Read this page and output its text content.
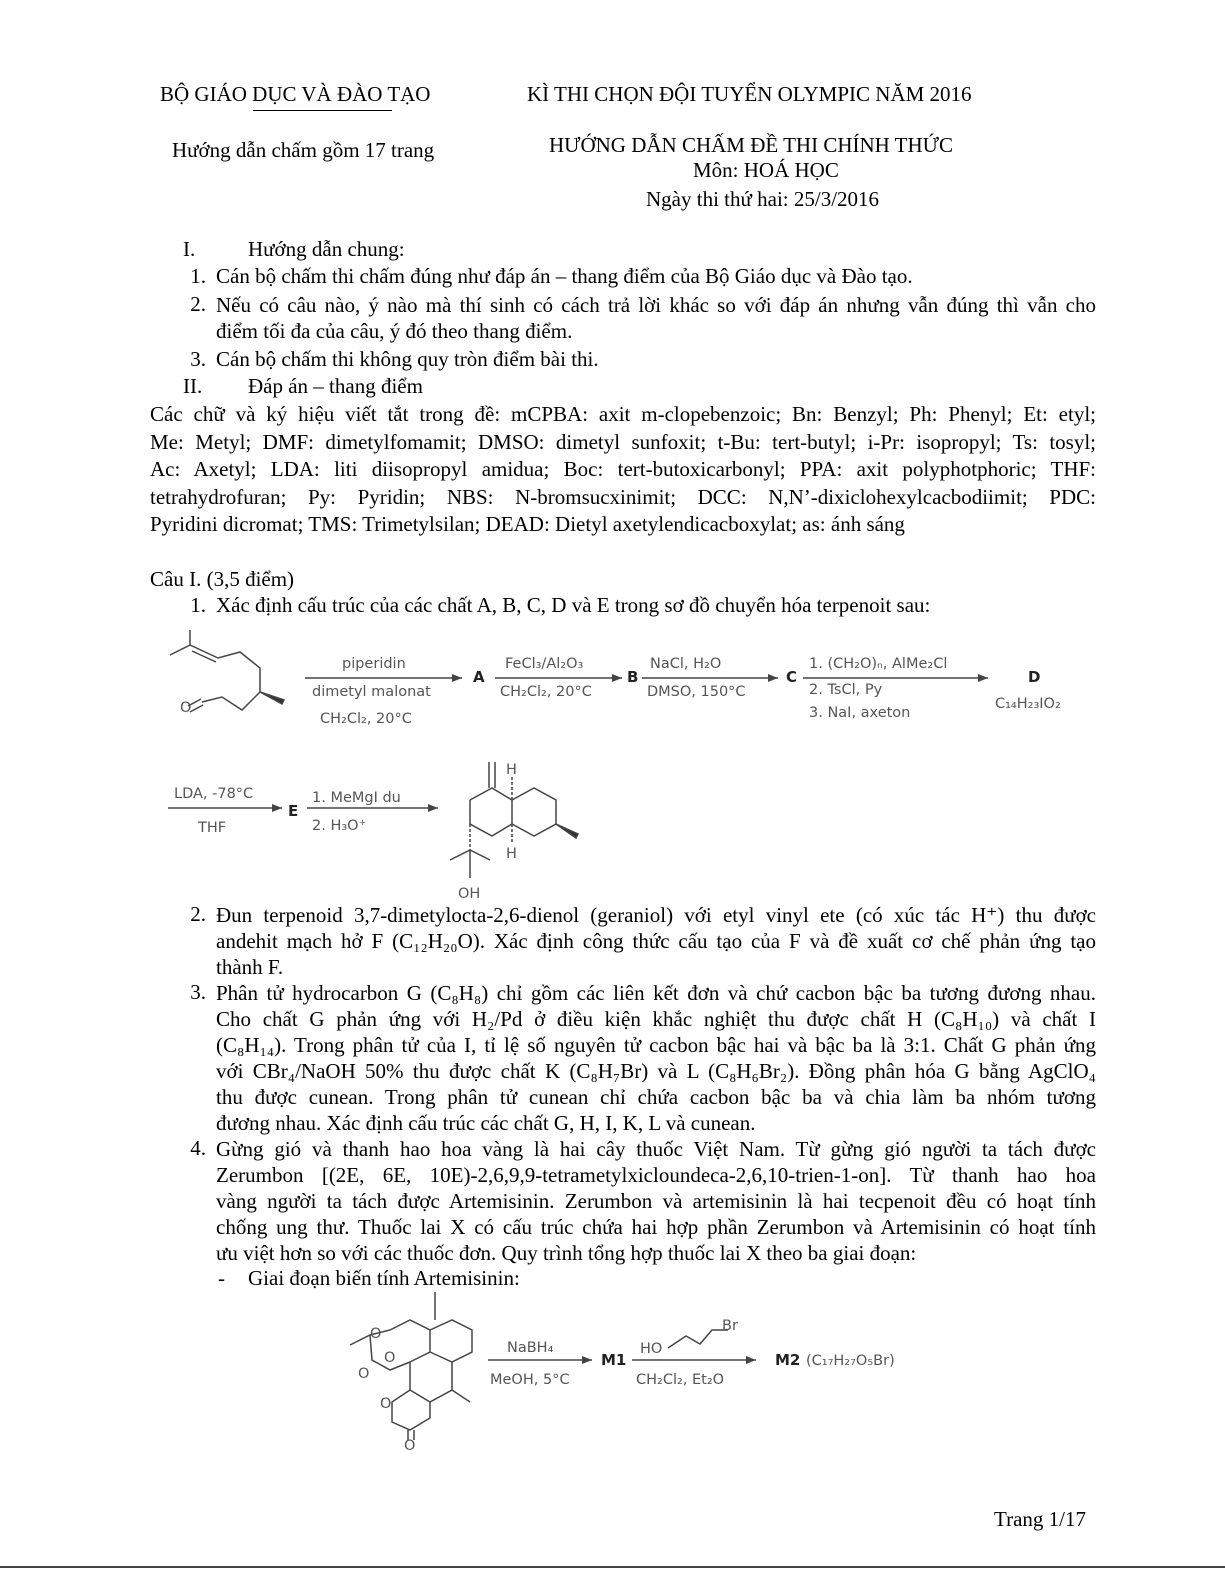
BỘ GIÁO DỤC VÀ ĐÀO TẠO	KÌ THI CHỌN ĐỘI TUYỂN OLYMPIC NĂM 2016
Hướng dẫn chấm gồm 17 trang	HƯỚNG DẪN CHẤM ĐỀ THI CHÍNH THỨC
Môn: HOÁ HỌC
Ngày thi thứ hai: 25/3/2016
I.	Hướng dẫn chung:
1. Cán bộ chấm thi chấm đúng như đáp án – thang điểm của Bộ Giáo dục và Đào tạo.
2. Nếu có câu nào, ý nào mà thí sinh có cách trả lời khác so với đáp án nhưng vẫn đúng thì vẫn cho
điểm tối đa của câu, ý đó theo thang điểm.
3. Cán bộ chấm thi không quy tròn điểm bài thi.
II. Đáp án – thang điểm
Các chữ và ký hiệu viết tắt trong đề: mCPBA: axit m-clopebenzoic; Bn: Benzyl; Ph: Phenyl; Et: etyl;
Me: Metyl; DMF: dimetylfomamit; DMSO: dimetyl sunfoxit; t-Bu: tert-butyl; i-Pr: isopropyl; Ts: tosyl;
Ac: Axetyl; LDA: liti diisopropyl amidua; Boc: tert-butoxicarbonyl; PPA: axit polyphotphoric; THF:
tetrahydrofuran; Py: Pyridin; NBS: N-bromsucxinimit; DCC: N,N’-dixiclohexylcacbodiimit; PDC:
Pyridini dicromat; TMS: Trimetylsilan; DEAD: Dietyl axetylendicacboxylat; as: ánh sáng
Câu I. (3,5 điểm)
1. Xác định cấu trúc của các chất A, B, C, D và E trong sơ đồ chuyển hóa terpenoit sau:
O
piperidin
dimetyl malonat
CH₂Cl₂, 20°C
A
FeCl₃/Al₂O₃
CH₂Cl₂, 20°C
B
NaCl, H₂O
DMSO, 150°C
C
1. (CH₂O)ₙ, AlMe₂Cl
2. TsCl, Py
3. NaI, axeton
D
C₁₄H₂₃IO₂
LDA, -78°C
THF
E
1. MeMgI du
2. H₃O⁺
H
H
OH
2. Đun terpenoid 3,7-dimetylocta-2,6-dienol (geraniol) với etyl vinyl ete (có xúc tác H⁺) thu được
andehit mạch hở F (C₁₂H₂₀O). Xác định công thức cấu tạo của F và đề xuất cơ chế phản ứng tạo
thành F.
3. Phân tử hydrocarbon G (C₈H₈) chỉ gồm các liên kết đơn và chứ cacbon bậc ba tương đương nhau.
Cho chất G phản ứng với H₂/Pd ở điều kiện khắc nghiệt thu được chất H (C₈H₁₀) và chất I
(C₈H₁₄). Trong phân tử của I, tỉ lệ số nguyên tử cacbon bậc hai và bậc ba là 3:1. Chất G phản ứng
với CBr₄/NaOH 50% thu được chất K (C₈H₇Br) và L (C₈H₆Br₂). Đồng phân hóa G bằng AgClO₄
thu được cunean. Trong phân tử cunean chỉ chứa cacbon bậc ba và chia làm ba nhóm tương
đương nhau. Xác định cấu trúc các chất G, H, I, K, L và cunean.
4. Gừng gió và thanh hao hoa vàng là hai cây thuốc Việt Nam. Từ gừng gió người ta tách được
Zerumbon [(2E, 6E, 10E)-2,6,9,9-tetrametylxicloundeca-2,6,10-trien-1-on]. Từ thanh hao hoa
vàng người ta tách được Artemisinin. Zerumbon và artemisinin là hai tecpenoit đều có hoạt tính
chống ung thư. Thuốc lai X có cấu trúc chứa hai hợp phần Zerumbon và Artemisinin có hoạt tính
ưu việt hơn so với các thuốc đơn. Quy trình tổng hợp thuốc lai X theo ba giai đoạn:
- Giai đoạn biến tính Artemisinin:
O
O
O
O
O
NaBH₄
MeOH, 5°C
M1
HO
Br
CH₂Cl₂, Et₂O
M2 (C₁₇H₂₇O₅Br)
Trang 1/17
